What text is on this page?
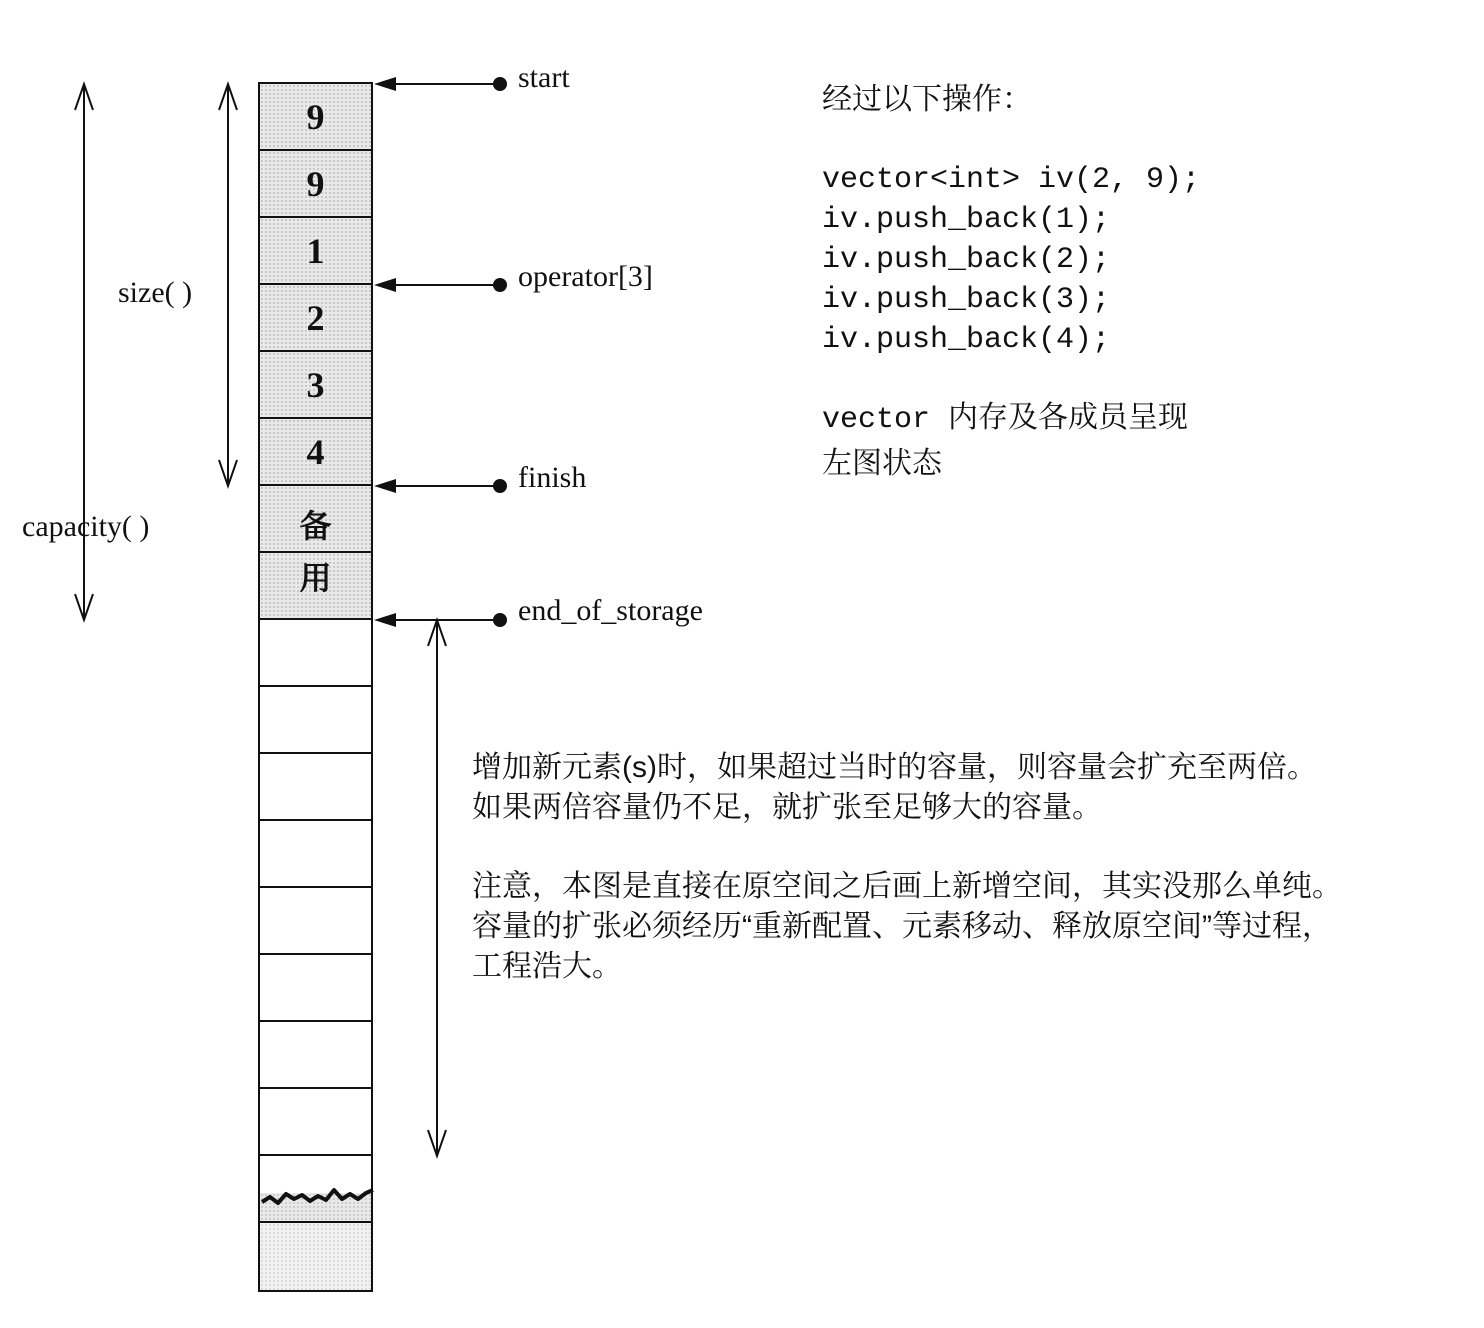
9
9
1
2
3
4
备
用
start
operator[3]
finish
end_of_storage
size( )
capacity( )
经过以下操作：
vector<int> iv(2, 9);
iv.push_back(1);
iv.push_back(2);
iv.push_back(3);
iv.push_back(4);
vector 内存及各成员呈现
左图状态
增加新元素(s)时，如果超过当时的容量，则容量会扩充至两倍。
如果两倍容量仍不足，就扩张至足够大的容量。
注意，本图是直接在原空间之后画上新增空间，其实没那么单纯。
容量的扩张必须经历“重新配置、元素移动、释放原空间”等过程，
工程浩大。
